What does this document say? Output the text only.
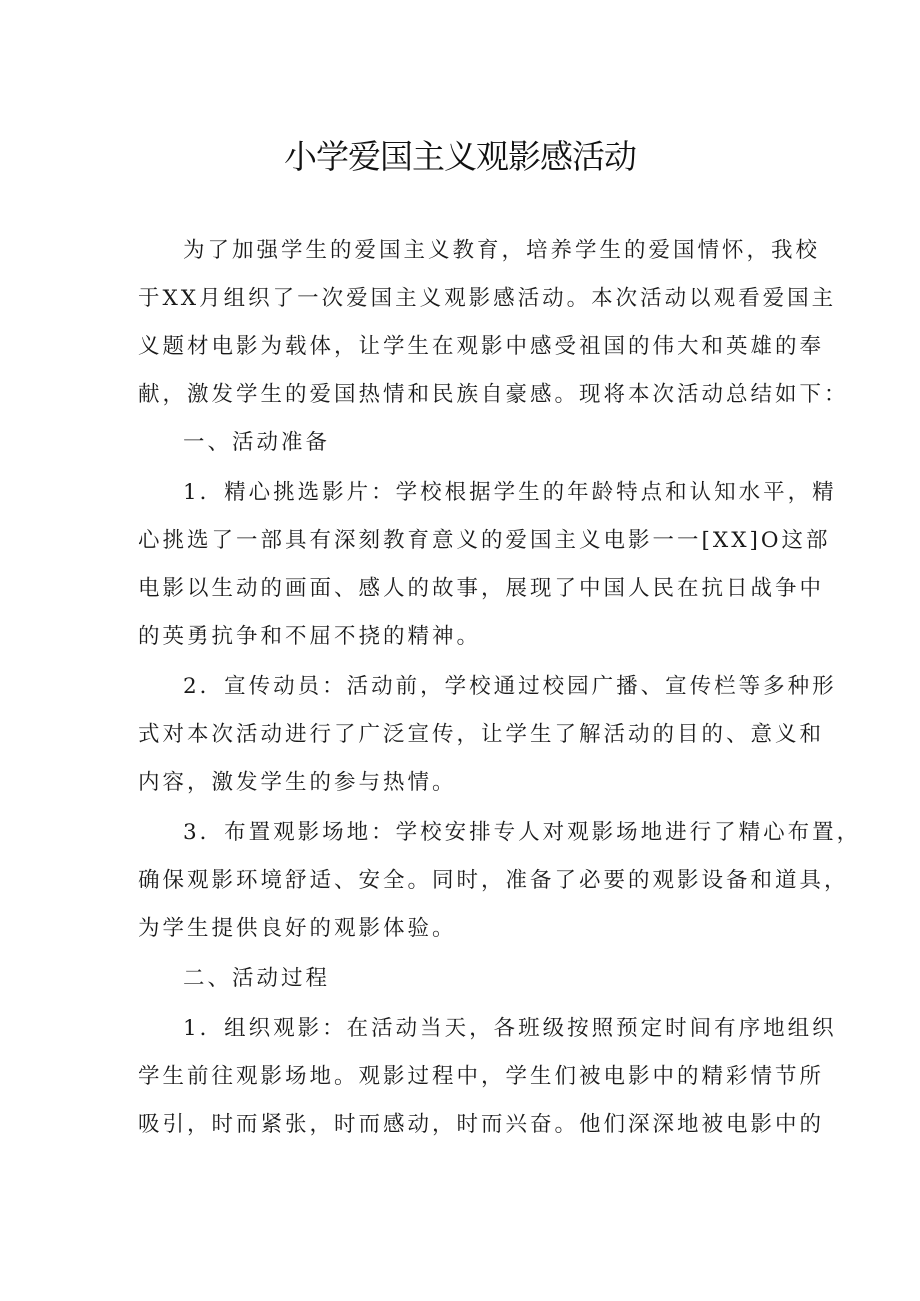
小学爱国主义观影感活动
为了加强学生的爱国主义教育，培养学生的爱国情怀，我校
于XX月组织了一次爱国主义观影感活动。本次活动以观看爱国主
义题材电影为载体，让学生在观影中感受祖国的伟大和英雄的奉
献，激发学生的爱国热情和民族自豪感。现将本次活动总结如下：
一、活动准备
1．精心挑选影片：学校根据学生的年龄特点和认知水平，精
心挑选了一部具有深刻教育意义的爱国主义电影一一[XX]O这部
电影以生动的画面、感人的故事，展现了中国人民在抗日战争中
的英勇抗争和不屈不挠的精神。
2．宣传动员：活动前，学校通过校园广播、宣传栏等多种形
式对本次活动进行了广泛宣传，让学生了解活动的目的、意义和
内容，激发学生的参与热情。
3．布置观影场地：学校安排专人对观影场地进行了精心布置，
确保观影环境舒适、安全。同时，准备了必要的观影设备和道具，
为学生提供良好的观影体验。
二、活动过程
1．组织观影：在活动当天，各班级按照预定时间有序地组织
学生前往观影场地。观影过程中，学生们被电影中的精彩情节所
吸引，时而紧张，时而感动，时而兴奋。他们深深地被电影中的
